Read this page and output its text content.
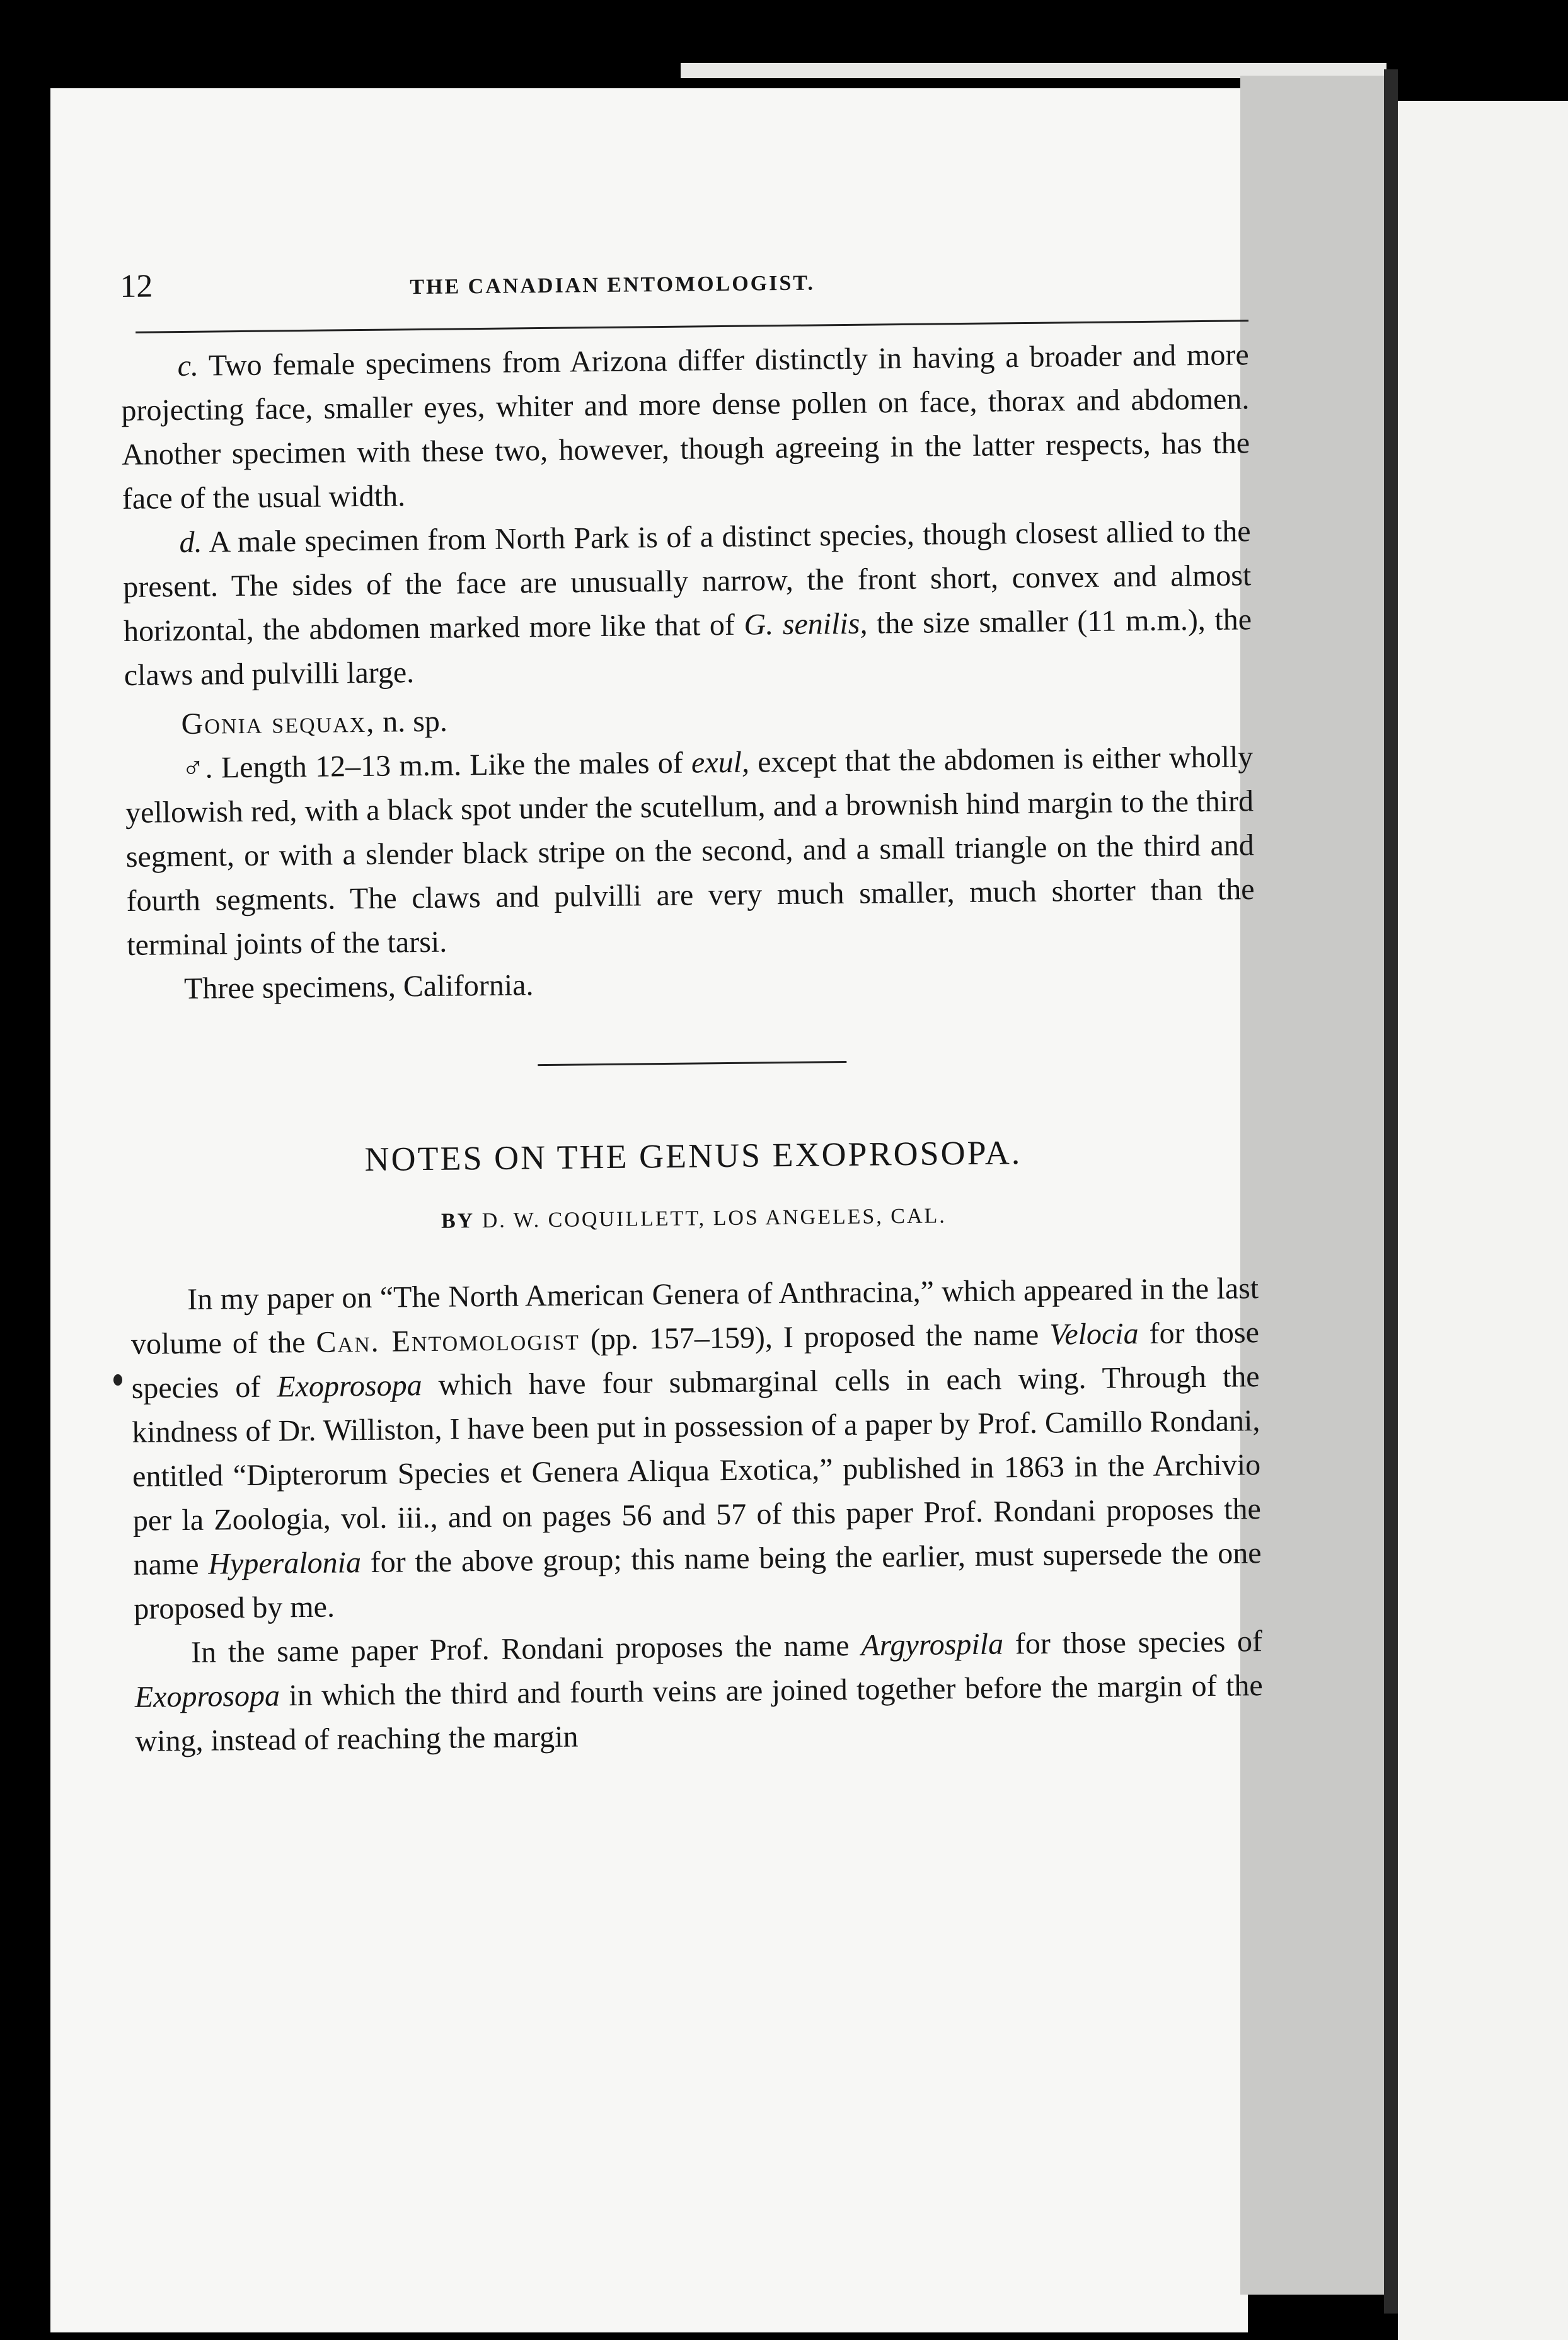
12	THE CANADIAN ENTOMOLOGIST.

c. Two female specimens from Arizona differ distinctly in having a broader and more projecting face, smaller eyes, whiter and more dense pollen on face, thorax and abdomen. Another specimen with these two, however, though agreeing in the latter respects, has the face of the usual width.

d. A male specimen from North Park is of a distinct species, though closest allied to the present. The sides of the face are unusually narrow, the front short, convex and almost horizontal, the abdomen marked more like that of G. senilis, the size smaller (11 m.m.), the claws and pulvilli large.

Gonia sequax, n. sp.

♂. Length 12–13 m.m. Like the males of exul, except that the abdomen is either wholly yellowish red, with a black spot under the scutellum, and a brownish hind margin to the third segment, or with a slender black stripe on the second, and a small triangle on the third and fourth segments. The claws and pulvilli are very much smaller, much shorter than the terminal joints of the tarsi.

Three specimens, California.

NOTES ON THE GENUS EXOPROSOPA.
BY D. W. COQUILLETT, LOS ANGELES, CAL.

In my paper on “The North American Genera of Anthracina,” which appeared in the last volume of the Can. Entomologist (pp. 157–159), I proposed the name Velocia for those species of Exoprosopa which have four submarginal cells in each wing. Through the kindness of Dr. Williston, I have been put in possession of a paper by Prof. Camillo Rondani, entitled “Dipterorum Species et Genera Aliqua Exotica,” published in 1863 in the Archivio per la Zoologia, vol. iii., and on pages 56 and 57 of this paper Prof. Rondani proposes the name Hyperalonia for the above group; this name being the earlier, must supersede the one proposed by me.

In the same paper Prof. Rondani proposes the name Argyrospila for those species of Exoprosopa in which the third and fourth veins are joined together before the margin of the wing, instead of reaching the margin
